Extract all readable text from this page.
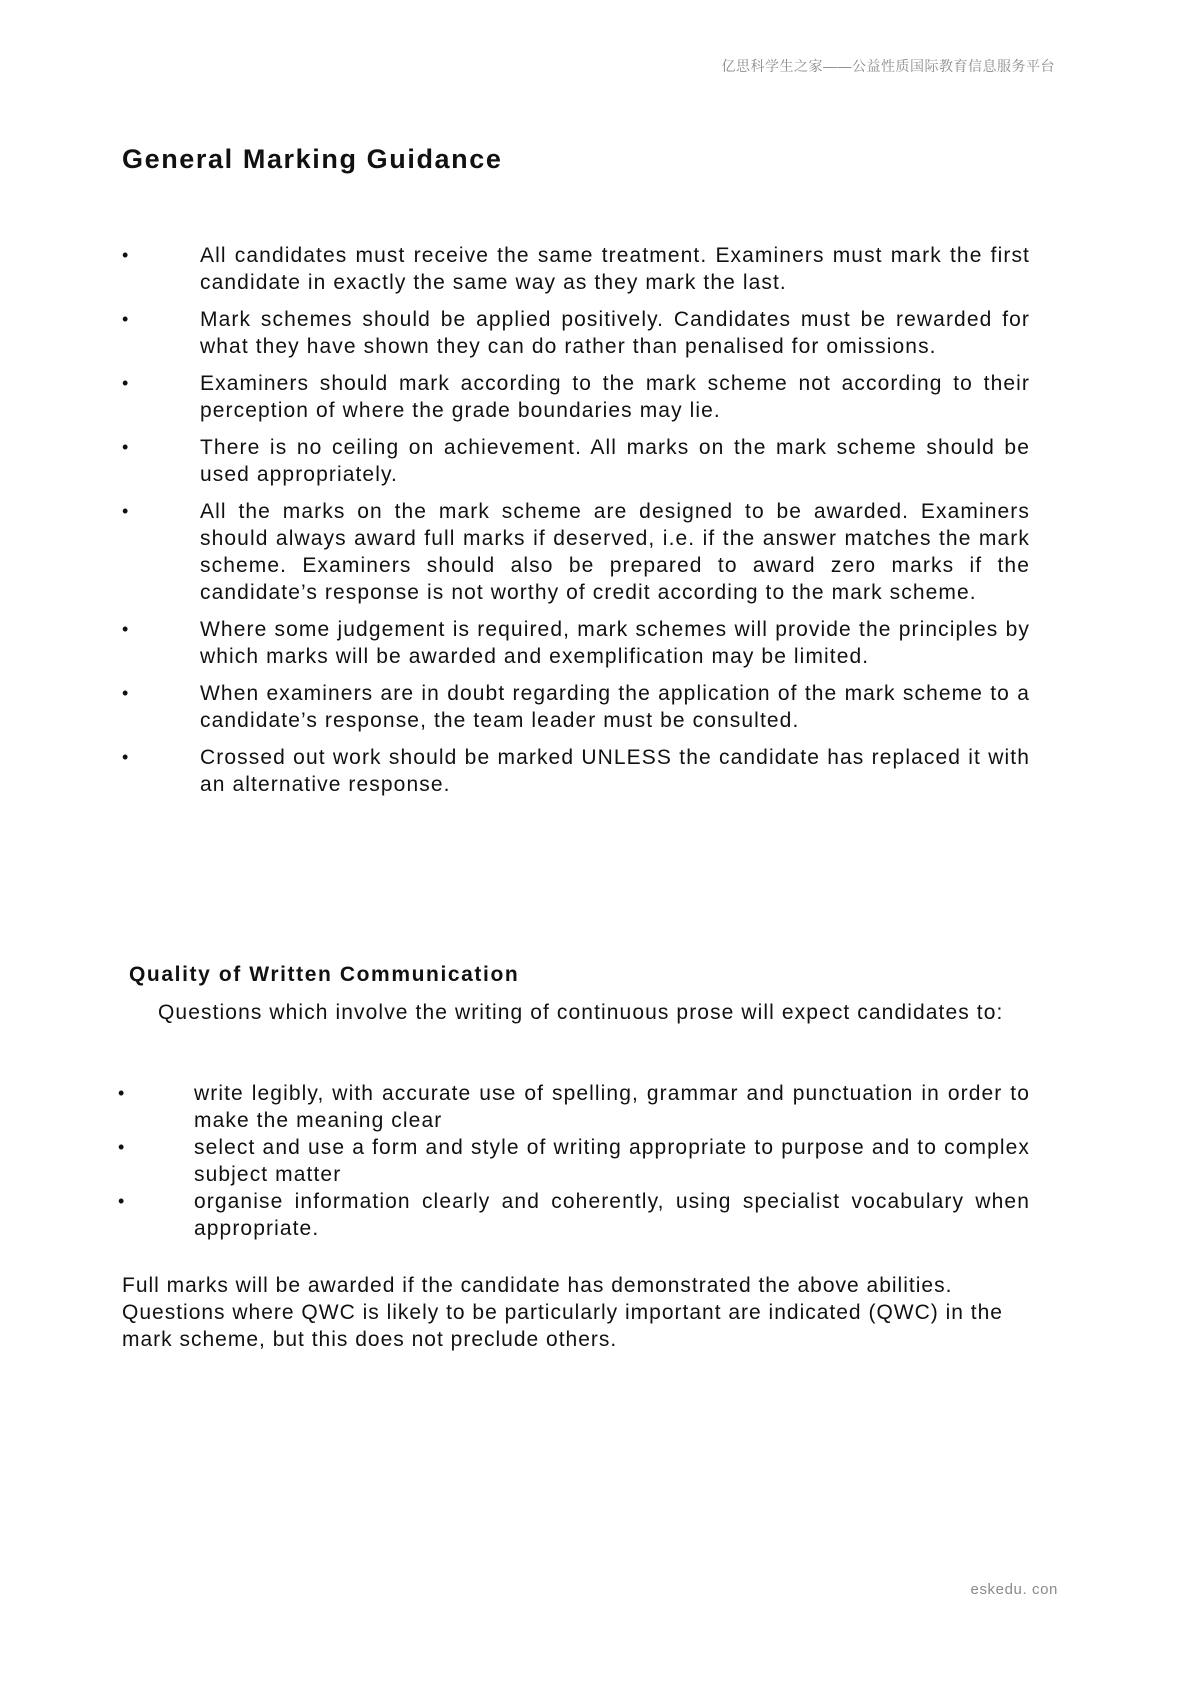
亿思科学生之家——公益性质国际教育信息服务平台
General Marking Guidance
•	All candidates must receive the same treatment. Examiners must mark the first candidate in exactly the same way as they mark the last.
•	Mark schemes should be applied positively. Candidates must be rewarded for what they have shown they can do rather than penalised for omissions.
•	Examiners should mark according to the mark scheme not according to their perception of where the grade boundaries may lie.
•	There is no ceiling on achievement. All marks on the mark scheme should be used appropriately.
•	All the marks on the mark scheme are designed to be awarded. Examiners should always award full marks if deserved, i.e. if the answer matches the mark scheme. Examiners should also be prepared to award zero marks if the candidate’s response is not worthy of credit according to the mark scheme.
•	Where some judgement is required, mark schemes will provide the principles by which marks will be awarded and exemplification may be limited.
•	When examiners are in doubt regarding the application of the mark scheme to a candidate’s response, the team leader must be consulted.
•	Crossed out work should be marked UNLESS the candidate has replaced it with an alternative response.
Quality of Written Communication

Questions which involve the writing of continuous prose will expect candidates to:

•	write legibly, with accurate use of spelling, grammar and punctuation in order to make the meaning clear
•	select and use a form and style of writing appropriate to purpose and to complex subject matter
•	organise information clearly and coherently, using specialist vocabulary when appropriate.

Full marks will be awarded if the candidate has demonstrated the above abilities. Questions where QWC is likely to be particularly important are indicated (QWC) in the mark scheme, but this does not preclude others.

eskedu. con
